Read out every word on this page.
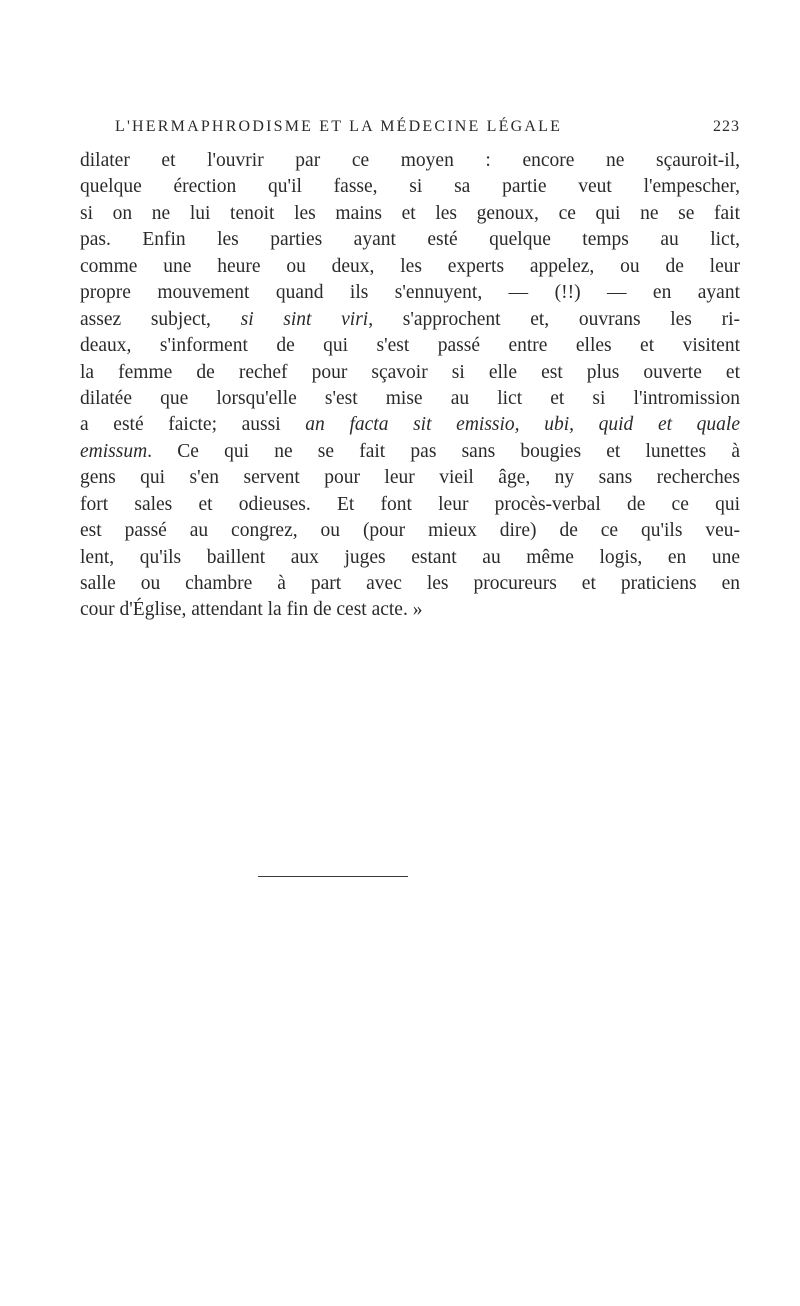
L'HERMAPHRODISME ET LA MÉDECINE LÉGALE	223
dilater et l'ouvrir par ce moyen : encore ne sçauroit-il,
quelque érection qu'il fasse, si sa partie veut l'empescher,
si on ne lui tenoit les mains et les genoux, ce qui ne se fait
pas. Enfin les parties ayant esté quelque temps au lict,
comme une heure ou deux, les experts appelez, ou de leur
propre mouvement quand ils s'ennuyent, — (!!) — en ayant
assez subject, si sint viri, s'approchent et, ouvrans les ri-
deaux, s'informent de qui s'est passé entre elles et visitent
la femme de rechef pour sçavoir si elle est plus ouverte et
dilatée que lorsqu'elle s'est mise au lict et si l'intromission
a esté faicte; aussi an facta sit emissio, ubi, quid et quale
emissum. Ce qui ne se fait pas sans bougies et lunettes à
gens qui s'en servent pour leur vieil âge, ny sans recherches
fort sales et odieuses. Et font leur procès-verbal de ce qui
est passé au congrez, ou (pour mieux dire) de ce qu'ils veu-
lent, qu'ils baillent aux juges estant au même logis, en une
salle ou chambre à part avec les procureurs et praticiens en
cour d'Église, attendant la fin de cest acte. »
